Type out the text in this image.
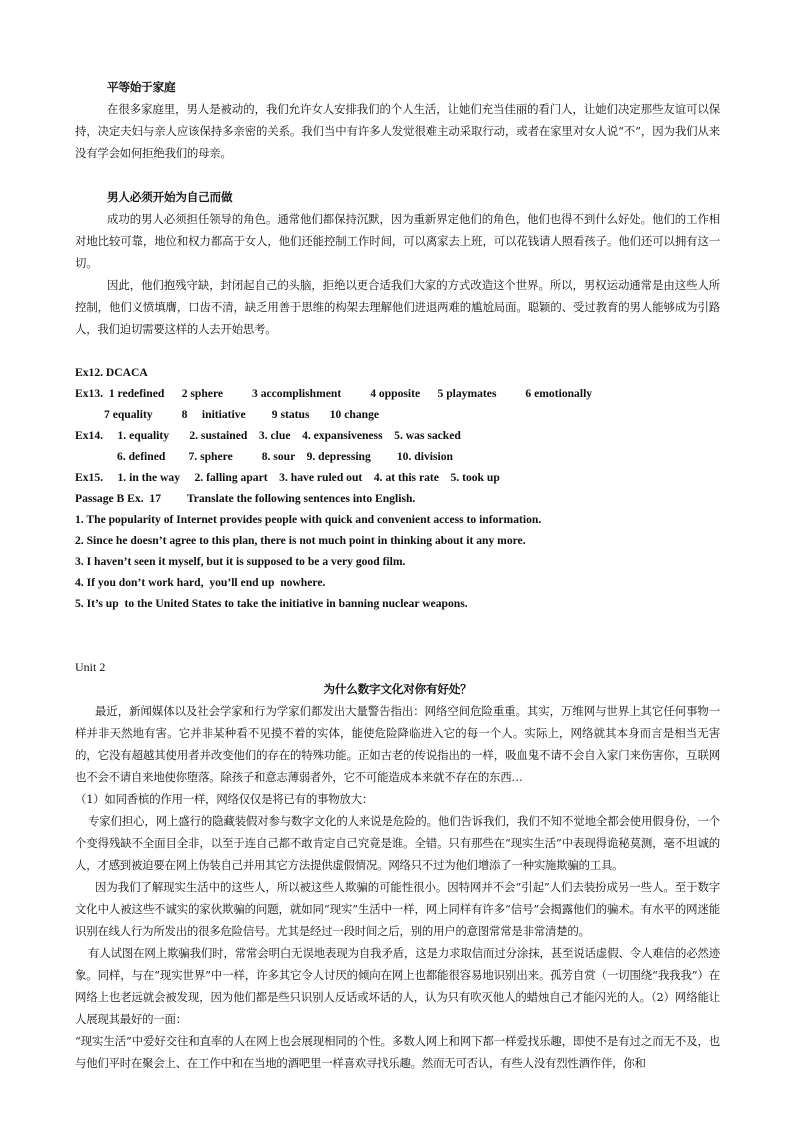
平等始于家庭
在很多家庭里，男人是被动的，我们允许女人安排我们的个人生活，让她们充当佳丽的看门人，让她们决定那些友谊可以保持，决定夫妇与亲人应该保持多亲密的关系。我们当中有许多人发觉很难主动采取行动，或者在家里对女人说“不”，因为我们从来没有学会如何拒绝我们的母亲。
男人必须开始为自己而做
成功的男人必须担任领导的角色。通常他们都保持沉默，因为重新界定他们的角色，他们也得不到什么好处。他们的工作相对地比较可靠，地位和权力都高于女人，他们还能控制工作时间，可以离家去上班，可以花钱请人照看孩子。他们还可以拥有这一切。
因此，他们抱残守缺，封闭起自己的头脑，拒绝以更合适我们大家的方式改造这个世界。所以，男权运动通常是由这些人所控制，他们义愤填膺，口齿不清，缺乏用善于思维的构架去理解他们进退两难的尴尬局面。聪颖的、受过教育的男人能够成为引路人，我们迫切需要这样的人去开始思考。
Ex12. DCACA
Ex13.  1 redefined      2 sphere          3 accomplishment          4 opposite      5 playmates          6 emotionally
7 equality          8     initiative         9 status       10 change
Ex14.     1. equality       2. sustained    3. clue    4. expansiveness    5. was sacked
6. defined        7. sphere          8. sour    9. depressing         10. division
Ex15.     1. in the way     2. falling apart    3. have ruled out    4. at this rate    5. took up
Passage B Ex.  17         Translate the following sentences into English.
1. The popularity of Internet provides people with quick and convenient access to information.
2. Since he doesn’t agree to this plan, there is not much point in thinking about it any more.
3. I haven’t seen it myself, but it is supposed to be a very good film.
4. If you don’t work hard,  you’ll end up  nowhere.
5. It’s up  to the United States to take the initiative in banning nuclear weapons.
Unit 2
为什么数字文化对你有好处？
最近，新闻媒体以及社会学家和行为学家们都发出大量警告指出：网络空间危险重重。其实，万维网与世界上其它任何事物一样并非天然地有害。它并非某种看不见摸不着的实体，能使危险降临进入它的每一个人。实际上，网络就其本身而言是相当无害的，它没有超越其使用者并改变他们的存在的特殊功能。正如古老的传说指出的一样，吸血鬼不请不会自入家门来伤害你，互联网也不会不请自来地使你堕落。除孩子和意志薄弱者外，它不可能造成本来就不存在的东西…
（1）如同香槟的作用一样，网络仅仅是将已有的事物放大：
专家们担心，网上盛行的隐藏装假对参与数字文化的人来说是危险的。他们告诉我们，我们不知不觉地全都会使用假身份，一个个变得残缺不全面目全非，以至于连自己都不敢肯定自己究竟是谁。全错。只有那些在“现实生活”中表现得诡秘莫测，毫不坦诚的人，才感到被迫要在网上伪装自己并用其它方法提供虚假情况。网络只不过为他们增添了一种实施欺骗的工具。
因为我们了解现实生活中的这些人，所以被这些人欺骗的可能性很小。因特网并不会“引起”人们去装扮成另一些人。至于数字文化中人被这些不诚实的家伙欺骗的问题，就如同“现实”生活中一样，网上同样有许多“信号”会揭露他们的骗术。有水平的网迷能识别在线人行为所发出的很多危险信号。尤其是经过一段时间之后，别的用户的意图常常是非常清楚的。
有人试图在网上欺骗我们时，常常会明白无误地表现为自我矛盾，这是力求取信而过分涂抹，甚至说话虚假、令人难信的必然迹象。同样，与在“现实世界”中一样，许多其它令人讨厌的倾向在网上也都能很容易地识别出来。孤芳自赏（一切围绕“我我我”）在网络上也老远就会被发现，因为他们都是些只识别人反话或坏话的人，认为只有吹灭他人的蜡烛自己才能闪光的人。（2）网络能让人展现其最好的一面：
“现实生活”中爱好交往和直率的人在网上也会展现相同的个性。多数人网上和网下都一样爱找乐趣，即使不是有过之而无不及，也与他们平时在聚会上、在工作中和在当地的酒吧里一样喜欢寻找乐趣。然而无可否认，有些人没有烈性酒作伴，你和
